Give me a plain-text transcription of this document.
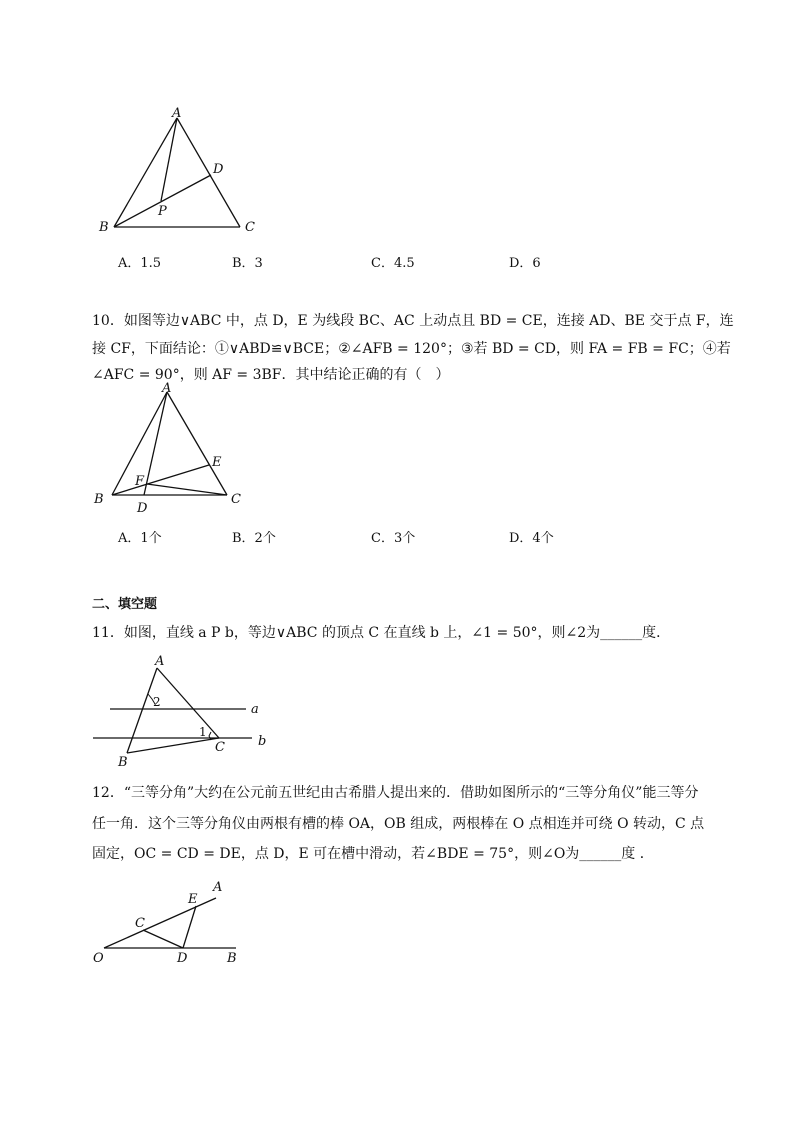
A
B	C
D
P
A．1.5	B．3	C．4.5	D．6
10．如图等边∨ABC 中，点 D，E 为线段 BC、AC 上动点且 BD = CE，连接 AD、BE 交于点 F，连
接 CF，下面结论：①∨ABD≌∨BCE；②∠AFB = 120°；③若 BD = CD，则 FA = FB = FC；④若
∠AFC = 90°，则 AF = 3BF．其中结论正确的有（　）
A
B	C
D
E
F
A．1个	B．2个	C．3个	D．4个
二、填空题
11．如图，直线 a P b，等边∨ABC 的顶点 C 在直线 b 上，∠1 = 50°，则∠2为______度．
A
B
C
a
b
1
2
12．“三等分角”大约在公元前五世纪由古希腊人提出来的．借助如图所示的“三等分角仪”能三等分
任一角．这个三等分角仪由两根有槽的棒 OA，OB 组成，两根棒在 O 点相连并可绕 O 转动，C 点
固定，OC = CD = DE，点 D，E 可在槽中滑动，若∠BDE = 75°，则∠O为______度 ．
O
C
D
E
A
B
